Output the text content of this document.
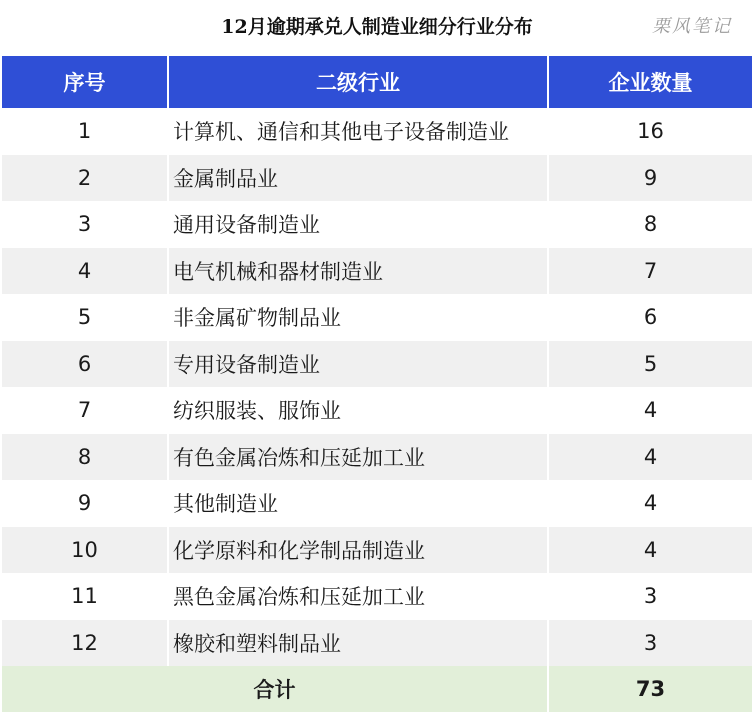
12月逾期承兑人制造业细分行业分布	栗风笔记
序号	二级行业	企业数量
1	计算机、通信和其他电子设备制造业	16
2	金属制品业	9
3	通用设备制造业	8
4	电气机械和器材制造业	7
5	非金属矿物制品业	6
6	专用设备制造业	5
7	纺织服装、服饰业	4
8	有色金属冶炼和压延加工业	4
9	其他制造业	4
10	化学原料和化学制品制造业	4
11	黑色金属冶炼和压延加工业	3
12	橡胶和塑料制品业	3
合计		73
